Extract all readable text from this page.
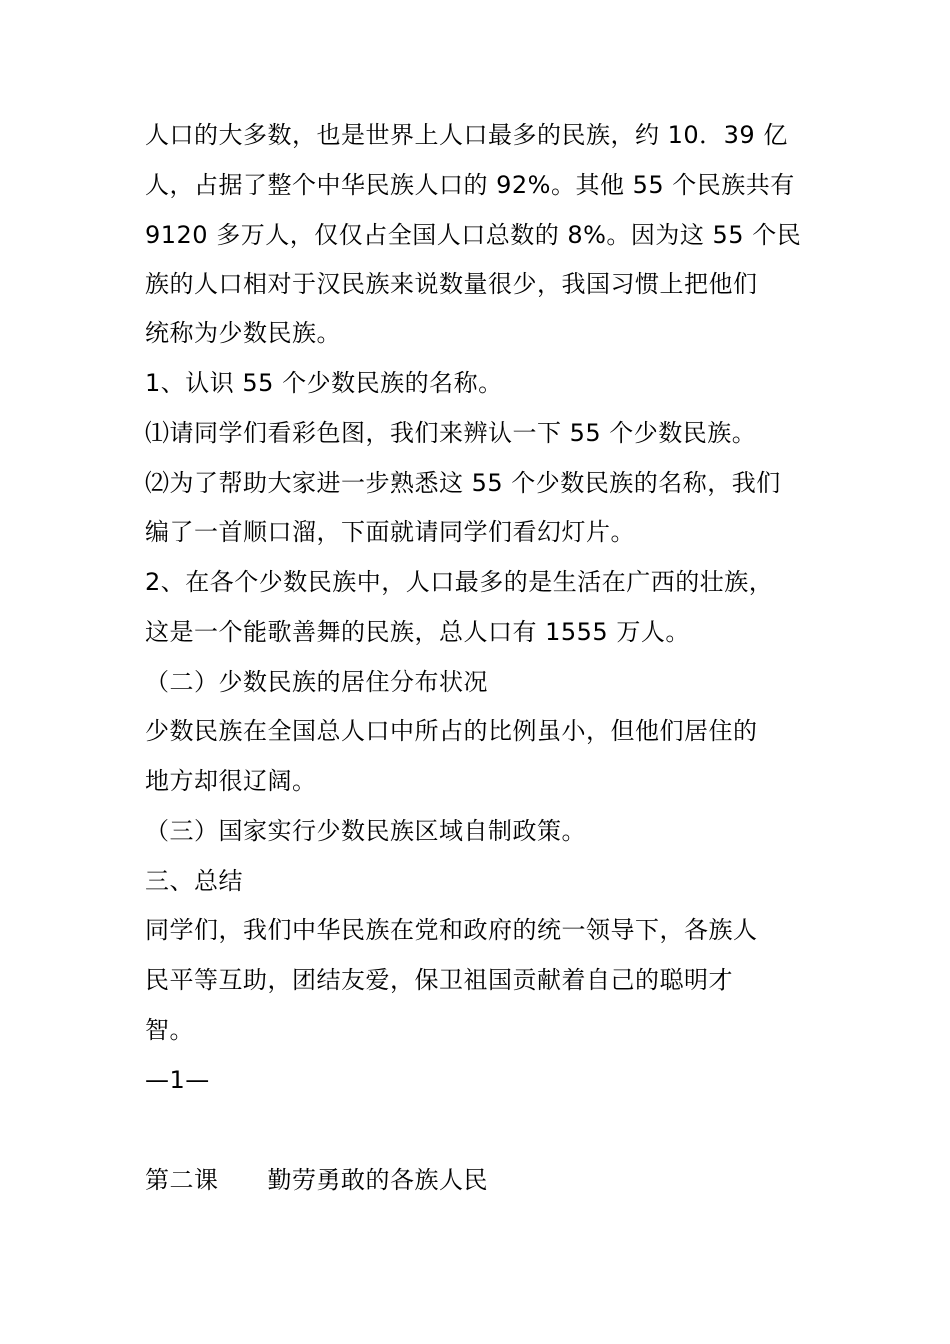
人口的大多数，也是世界上人口最多的民族，约 10．39 亿
人，占据了整个中华民族人口的 92%。其他 55 个民族共有
9120 多万人，仅仅占全国人口总数的 8%。因为这 55 个民
族的人口相对于汉民族来说数量很少，我国习惯上把他们
统称为少数民族。
1、认识 55 个少数民族的名称。
⑴请同学们看彩色图，我们来辨认一下 55 个少数民族。
⑵为了帮助大家进一步熟悉这 55 个少数民族的名称，我们
编了一首顺口溜，下面就请同学们看幻灯片。
2、在各个少数民族中，人口最多的是生活在广西的壮族，
这是一个能歌善舞的民族，总人口有 1555 万人。
（二）少数民族的居住分布状况
少数民族在全国总人口中所占的比例虽小，但他们居住的
地方却很辽阔。
（三）国家实行少数民族区域自制政策。
三、总结
同学们，我们中华民族在党和政府的统一领导下，各族人
民平等互助，团结友爱，保卫祖国贡献着自己的聪明才
智。
—1—
第二课　　勤劳勇敢的各族人民
